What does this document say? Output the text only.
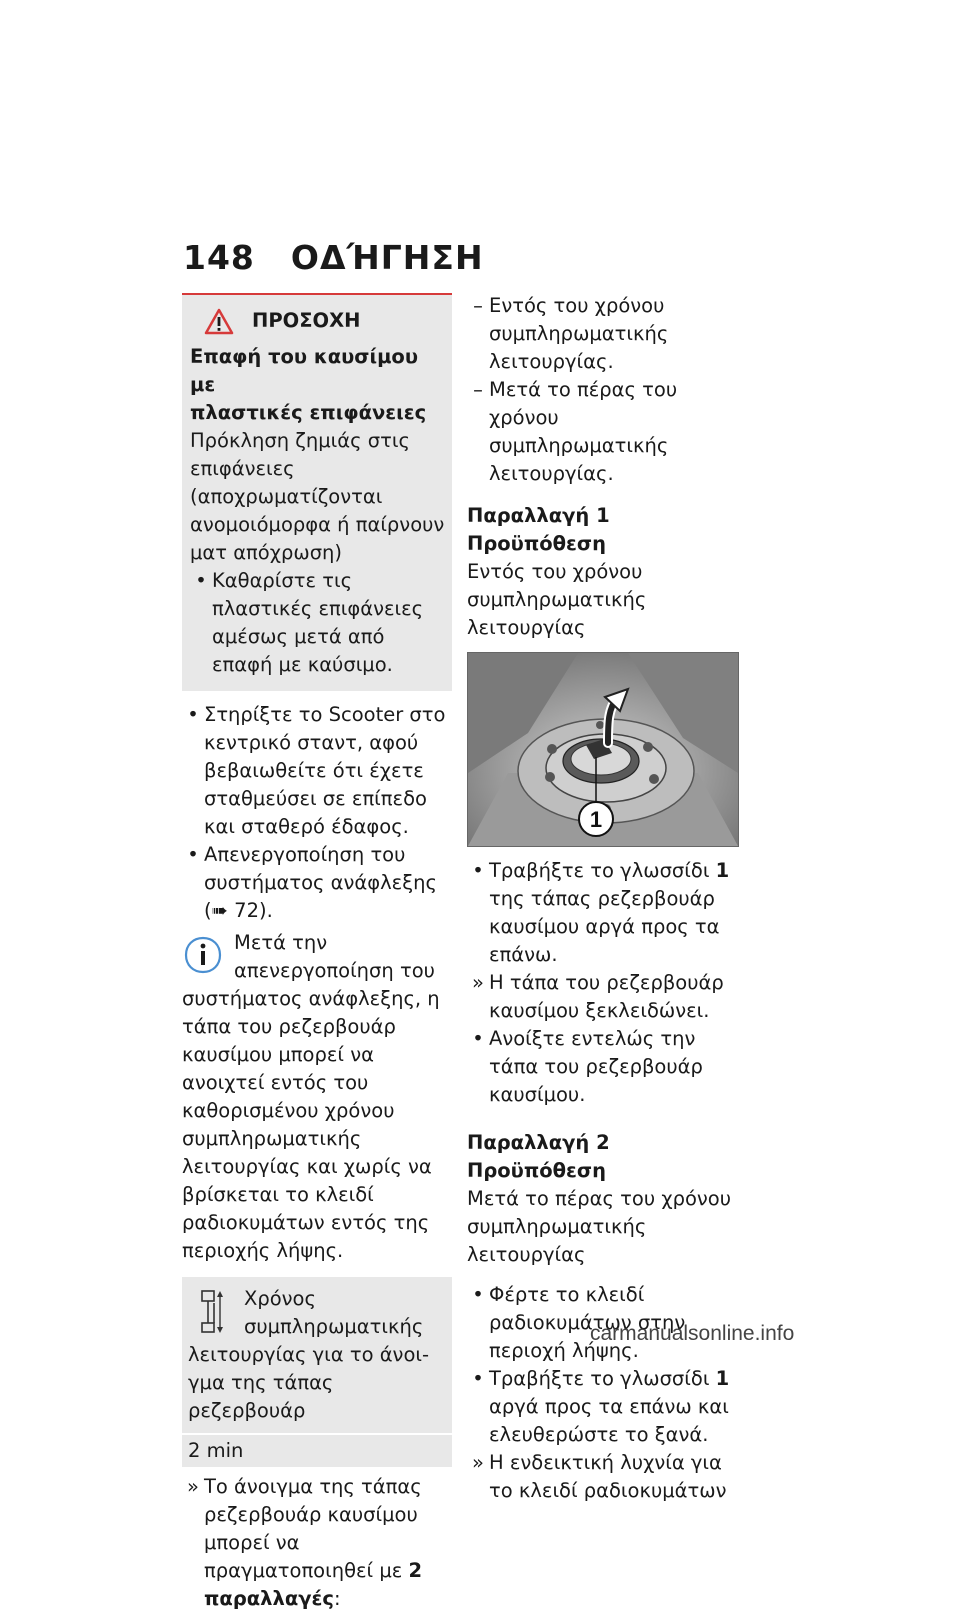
148 ΟΔΉΓΗΣΗ
ΠΡΟΣΟΧΗ
Επαφή του καυσίμου με
πλαστικές επιφάνειες
Πρόκληση ζημιάς στις επιφάνειες (αποχρωματίζονται ανομοιόμορφα ή παίρνουν ματ απόχρωση)
• Καθαρίστε τις πλαστικές επιφάνειες αμέσως μετά από επαφή με καύσιμο.
• Στηρίξτε το Scooter στο κεντρικό σταντ, αφού βεβαιωθείτε ότι έχετε σταθμεύσει σε επίπεδο και σταθερό έδαφος.
• Απενεργοποίηση του συστήματος ανάφλεξης (➠ 72).
Μετά την απενεργοποίηση του συστήματος ανάφλεξης, η τάπα του ρεζερβουάρ καυσίμου μπορεί να ανοιχτεί εντός του καθορισμένου χρόνου συμπληρωματικής λειτουργίας και χωρίς να βρίσκεται το κλειδί ραδιοκυμάτων εντός της περιοχής λήψης.
Χρόνος συμπληρωματικής λειτουργίας για το άνοιγμα της τάπας ρεζερβουάρ
2 min
» Το άνοιγμα της τάπας ρεζερβουάρ καυσίμου μπορεί να πραγματοποιηθεί με 2 παραλλαγές:
– Εντός του χρόνου συμπληρωματικής λειτουργίας.
– Μετά το πέρας του χρόνου συμπληρωματικής λειτουργίας.
Παραλλαγή 1
Προϋπόθεση
Εντός του χρόνου συμπληρωματικής λειτουργίας
1
• Τραβήξτε το γλωσσίδι 1 της τάπας ρεζερβουάρ καυσίμου αργά προς τα επάνω.
» Η τάπα του ρεζερβουάρ καυσίμου ξεκλειδώνει.
• Ανοίξτε εντελώς την τάπα του ρεζερβουάρ καυσίμου.
Παραλλαγή 2
Προϋπόθεση
Μετά το πέρας του χρόνου συμπληρωματικής λειτουργίας
• Φέρτε το κλειδί ραδιοκυμάτων στην περιοχή λήψης.
• Τραβήξτε το γλωσσίδι 1 αργά προς τα επάνω και ελευθερώστε το ξανά.
» Η ενδεικτική λυχνία για το κλειδί ραδιοκυμάτων
carmanualsonline.info
